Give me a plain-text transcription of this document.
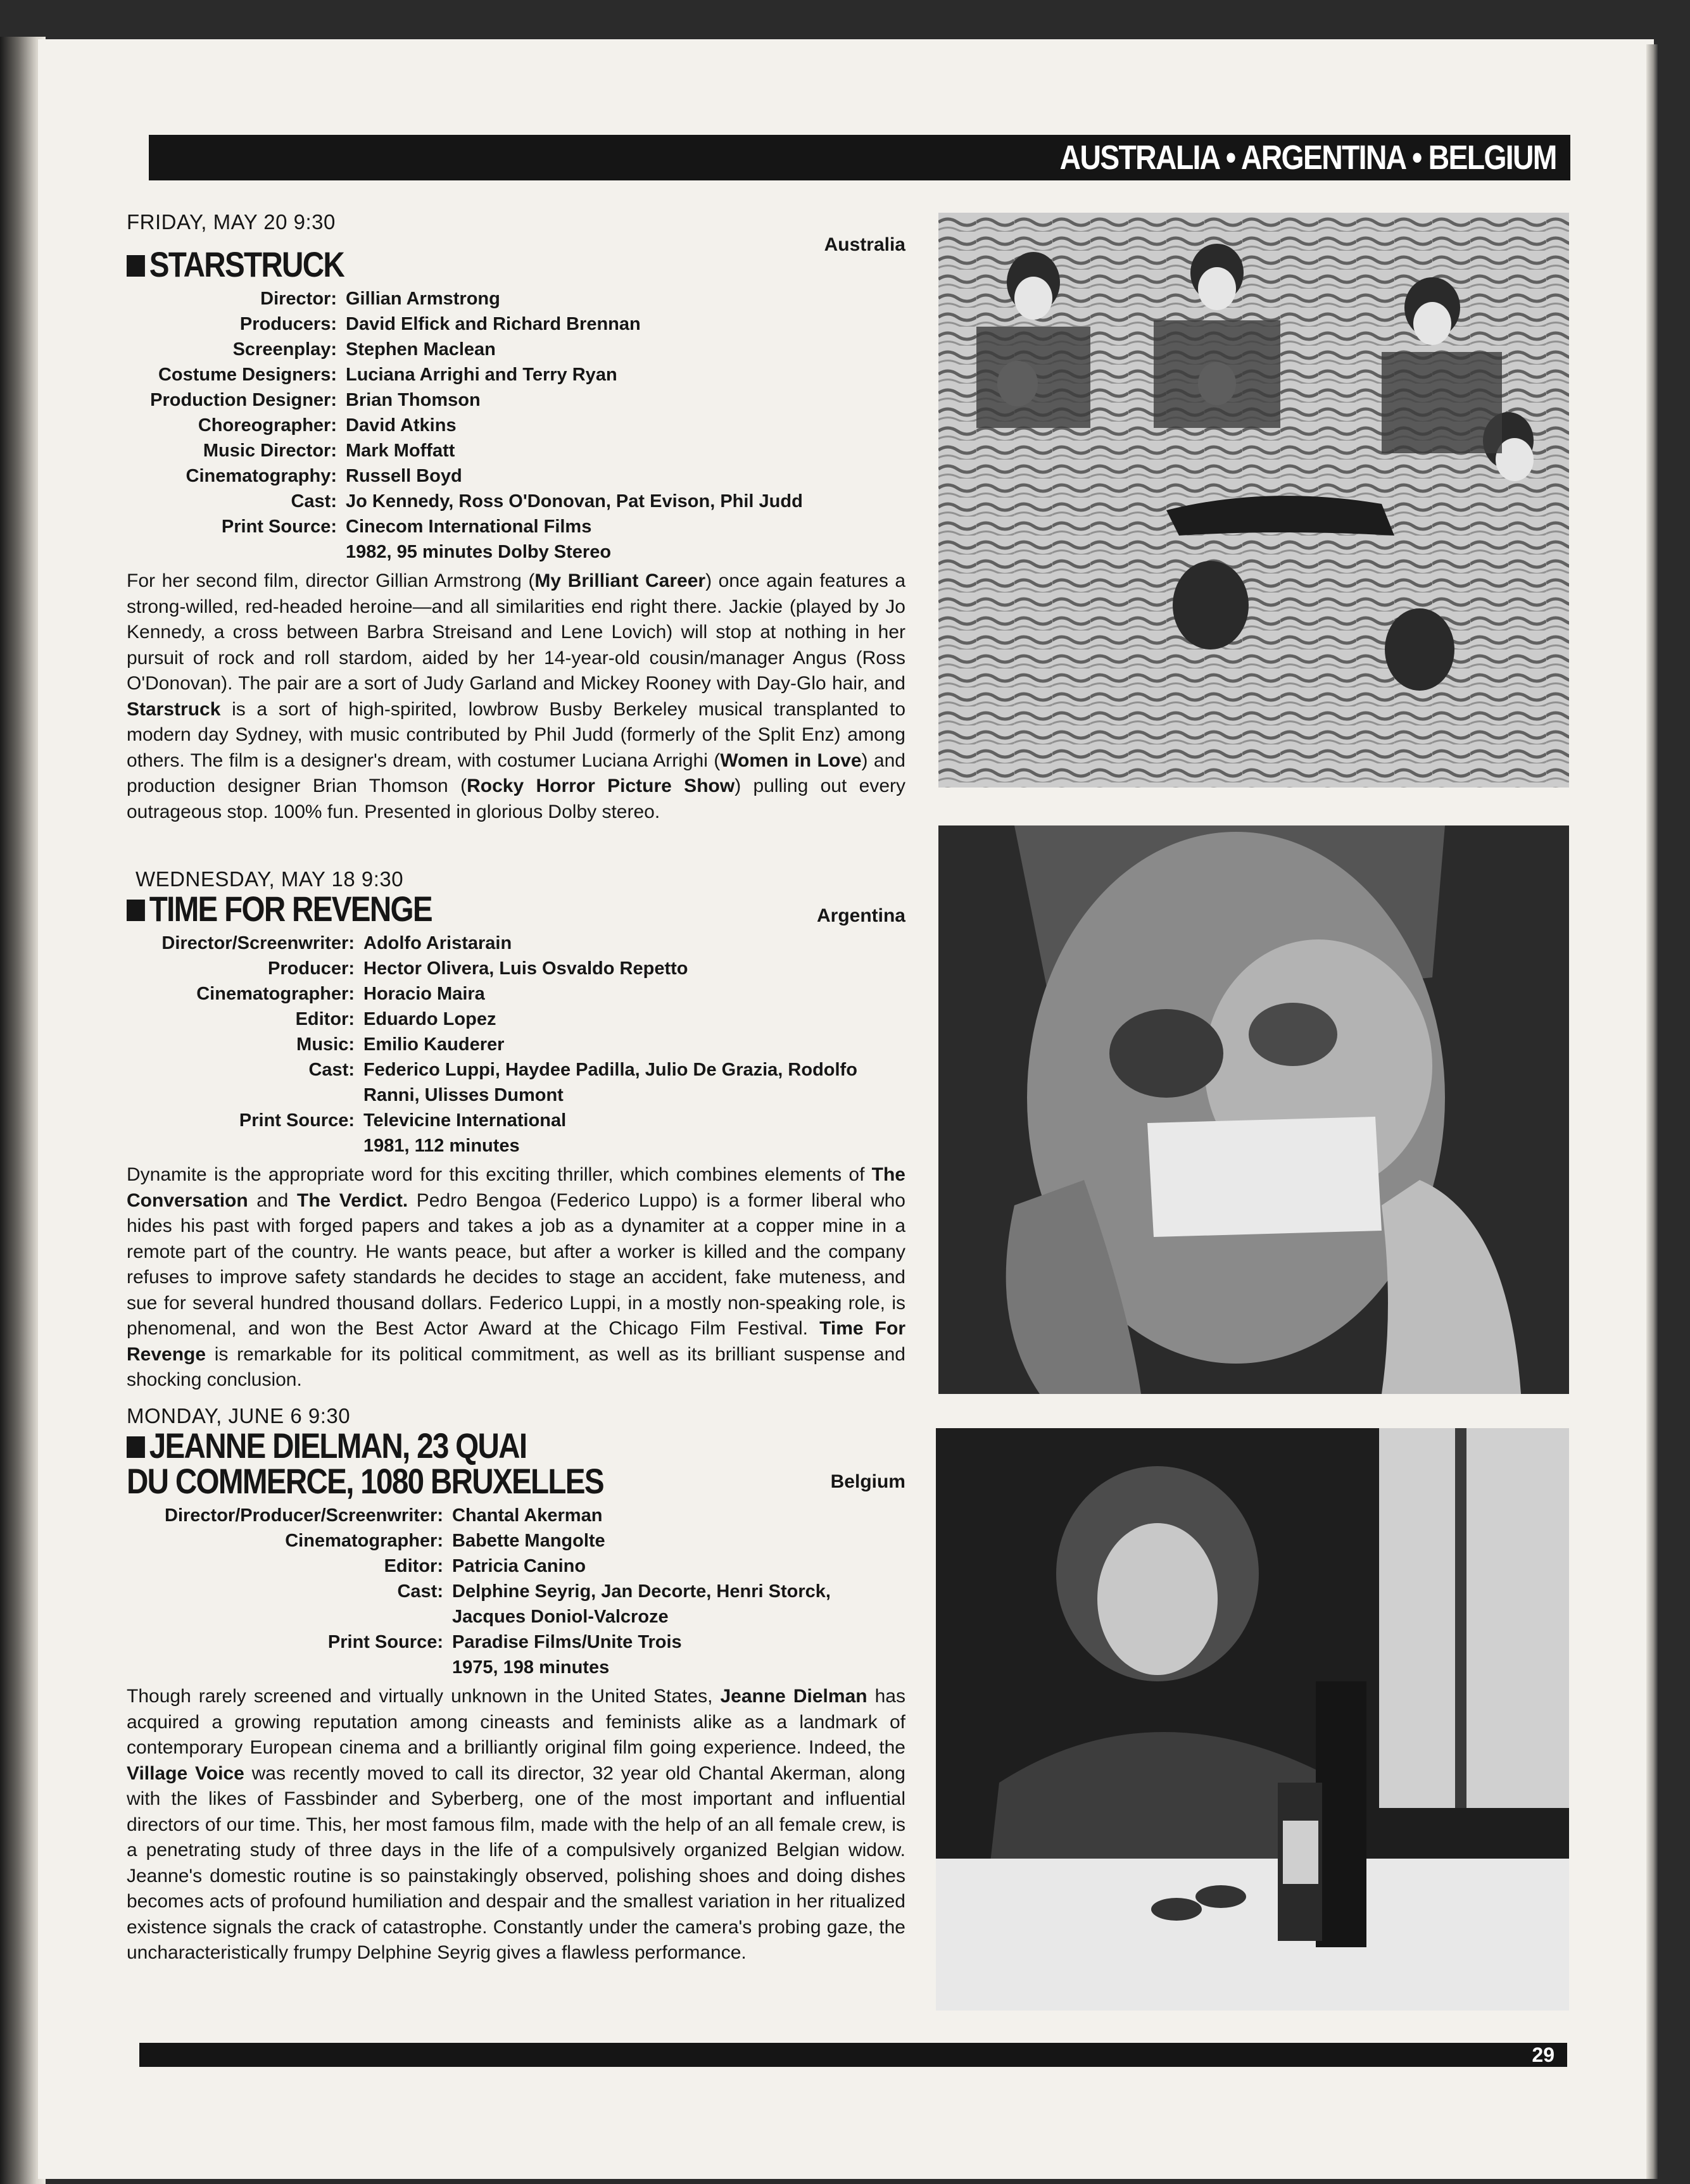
AUSTRALIA • ARGENTINA • BELGIUM
FRIDAY, MAY 20 9:30
STARSTRUCK	Australia
Director: Gillian Armstrong
Producers: David Elfick and Richard Brennan
Screenplay: Stephen Maclean
Costume Designers: Luciana Arrighi and Terry Ryan
Production Designer: Brian Thomson
Choreographer: David Atkins
Music Director: Mark Moffatt
Cinematography: Russell Boyd
Cast: Jo Kennedy, Ross O'Donovan, Pat Evison, Phil Judd
Print Source: Cinecom International Films
1982, 95 minutes Dolby Stereo
For her second film, director Gillian Armstrong (My Brilliant Career) once again features a strong-willed, red-headed heroine—and all similarities end right there. Jackie (played by Jo Kennedy, a cross between Barbra Streisand and Lene Lovich) will stop at nothing in her pursuit of rock and roll stardom, aided by her 14-year-old cousin/manager Angus (Ross O'Donovan). The pair are a sort of Judy Garland and Mickey Rooney with Day-Glo hair, and Starstruck is a sort of high-spirited, lowbrow Busby Berkeley musical transplanted to modern day Sydney, with music contributed by Phil Judd (formerly of the Split Enz) among others. The film is a designer's dream, with costumer Luciana Arrighi (Women in Love) and production designer Brian Thomson (Rocky Horror Picture Show) pulling out every outrageous stop. 100% fun. Presented in glorious Dolby stereo.
WEDNESDAY, MAY 18 9:30
TIME FOR REVENGE	Argentina
Director/Screenwriter: Adolfo Aristarain
Producer: Hector Olivera, Luis Osvaldo Repetto
Cinematographer: Horacio Maira
Editor: Eduardo Lopez
Music: Emilio Kauderer
Cast: Federico Luppi, Haydee Padilla, Julio De Grazia, Rodolfo Ranni, Ulisses Dumont
Print Source: Televicine International
1981, 112 minutes
Dynamite is the appropriate word for this exciting thriller, which combines elements of The Conversation and The Verdict. Pedro Bengoa (Federico Luppo) is a former liberal who hides his past with forged papers and takes a job as a dynamiter at a copper mine in a remote part of the country. He wants peace, but after a worker is killed and the company refuses to improve safety standards he decides to stage an accident, fake muteness, and sue for several hundred thousand dollars. Federico Luppi, in a mostly non-speaking role, is phenomenal, and won the Best Actor Award at the Chicago Film Festival. Time For Revenge is remarkable for its political commitment, as well as its brilliant suspense and shocking conclusion.
MONDAY, JUNE 6 9:30
JEANNE DIELMAN, 23 QUAI
DU COMMERCE, 1080 BRUXELLES	Belgium
Director/Producer/Screenwriter: Chantal Akerman
Cinematographer: Babette Mangolte
Editor: Patricia Canino
Cast: Delphine Seyrig, Jan Decorte, Henri Storck, Jacques Doniol-Valcroze
Print Source: Paradise Films/Unite Trois
1975, 198 minutes
Though rarely screened and virtually unknown in the United States, Jeanne Dielman has acquired a growing reputation among cineasts and feminists alike as a landmark of contemporary European cinema and a brilliantly original film going experience. Indeed, the Village Voice was recently moved to call its director, 32 year old Chantal Akerman, along with the likes of Fassbinder and Syberberg, one of the most important and influential directors of our time. This, her most famous film, made with the help of an all female crew, is a penetrating study of three days in the life of a compulsively organized Belgian widow. Jeanne's domestic routine is so painstakingly observed, polishing shoes and doing dishes becomes acts of profound humiliation and despair and the smallest variation in her ritualized existence signals the crack of catastrophe. Constantly under the camera's probing gaze, the uncharacteristically frumpy Delphine Seyrig gives a flawless performance.
29
